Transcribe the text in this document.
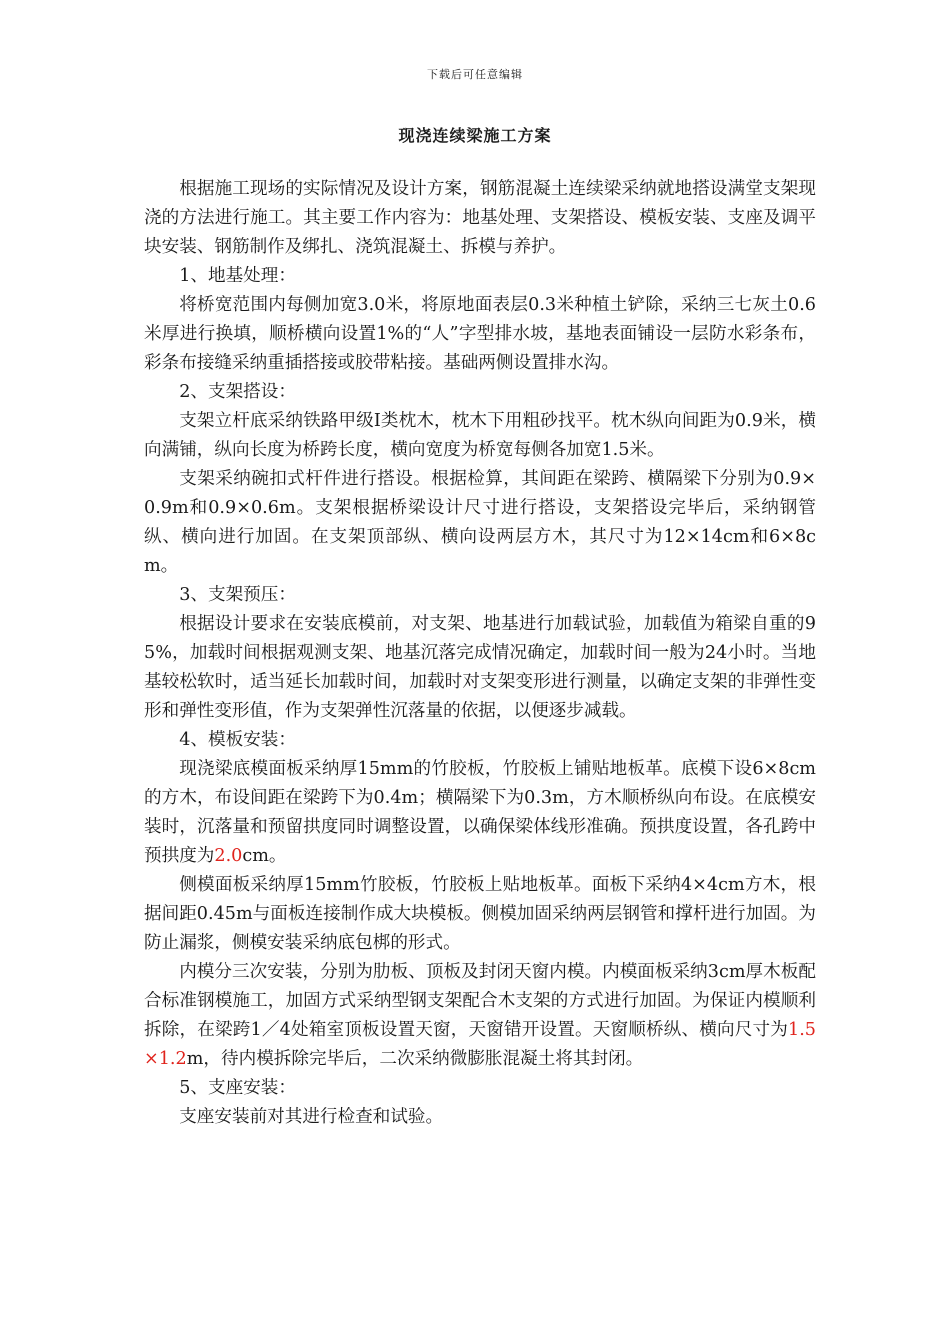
下载后可任意编辑
现浇连续梁施工方案

根据施工现场的实际情况及设计方案，钢筋混凝土连续梁采纳就地搭设满堂支架现浇的方法进行施工。其主要工作内容为：地基处理、支架搭设、模板安装、支座及调平块安装、钢筋制作及绑扎、浇筑混凝土、拆模与养护。

1、地基处理：

将桥宽范围内每侧加宽3.0米，将原地面表层0.3米种植土铲除，采纳三七灰土0.6米厚进行换填，顺桥横向设置1%的“人”字型排水坡，基地表面铺设一层防水彩条布，彩条布接缝采纳重插搭接或胶带粘接。基础两侧设置排水沟。

2、支架搭设：

支架立杆底采纳铁路甲级Ⅰ类枕木，枕木下用粗砂找平。枕木纵向间距为0.9米，横向满铺，纵向长度为桥跨长度，横向宽度为桥宽每侧各加宽1.5米。

支架采纳碗扣式杆件进行搭设。根据检算，其间距在梁跨、横隔梁下分别为0.9×0.9m和0.9×0.6m。支架根据桥梁设计尺寸进行搭设，支架搭设完毕后，采纳钢管纵、横向进行加固。在支架顶部纵、横向设两层方木，其尺寸为12×14cm和6×8cm。

3、支架预压：

根据设计要求在安装底模前，对支架、地基进行加载试验，加载值为箱梁自重的95%，加载时间根据观测支架、地基沉落完成情况确定，加载时间一般为24小时。当地基较松软时，适当延长加载时间，加载时对支架变形进行测量，以确定支架的非弹性变形和弹性变形值，作为支架弹性沉落量的依据，以便逐步减载。

4、模板安装：

现浇梁底模面板采纳厚15mm的竹胶板，竹胶板上铺贴地板革。底模下设6×8cm的方木，布设间距在梁跨下为0.4m；横隔梁下为0.3m，方木顺桥纵向布设。在底模安装时，沉落量和预留拱度同时调整设置，以确保梁体线形准确。预拱度设置，各孔跨中预拱度为2.0cm。

侧模面板采纳厚15mm竹胶板，竹胶板上贴地板革。面板下采纳4×4cm方木，根据间距0.45m与面板连接制作成大块模板。侧模加固采纳两层钢管和撑杆进行加固。为防止漏浆，侧模安装采纳底包梆的形式。

内模分三次安装，分别为肋板、顶板及封闭天窗内模。内模面板采纳3cm厚木板配合标准钢模施工，加固方式采纳型钢支架配合木支架的方式进行加固。为保证内模顺利拆除，在梁跨1／4处箱室顶板设置天窗，天窗错开设置。天窗顺桥纵、横向尺寸为1.5×1.2m，待内模拆除完毕后，二次采纳微膨胀混凝土将其封闭。

5、支座安装：

支座安装前对其进行检查和试验。
